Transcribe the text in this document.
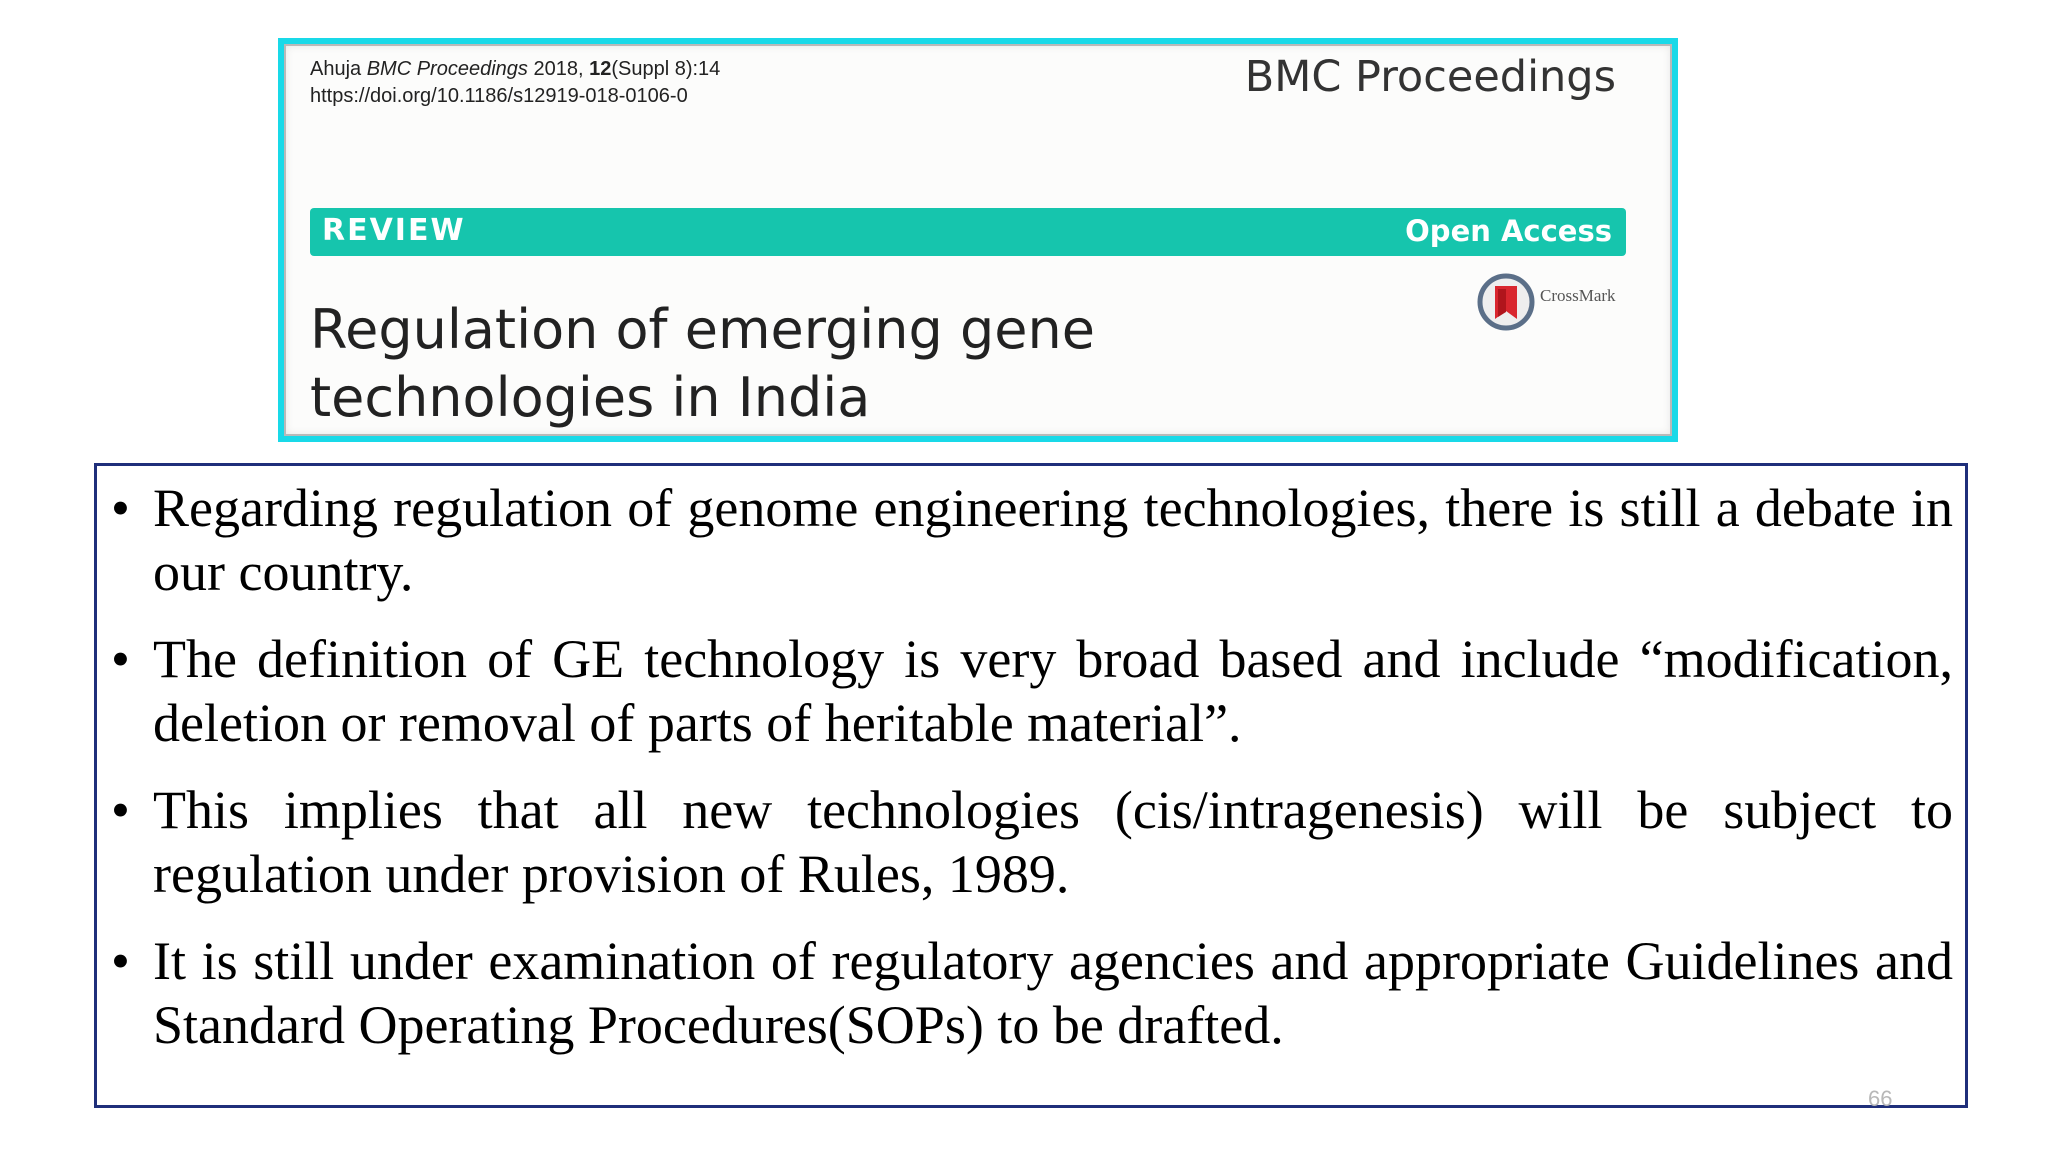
Ahuja BMC Proceedings 2018, 12(Suppl 8):14
https://doi.org/10.1186/s12919-018-0106-0	BMC Proceedings
REVIEW	Open Access
Regulation of emerging gene technologies in India
CrossMark
• Regarding regulation of genome engineering technologies, there is still a debate in our country.
• The definition of GE technology is very broad based and include “modification, deletion or removal of parts of heritable material”.
• This implies that all new technologies (cis/intragenesis) will be subject to regulation under provision of Rules, 1989.
• It is still under examination of regulatory agencies and appropriate Guidelines and Standard Operating Procedures(SOPs) to be drafted.
66
